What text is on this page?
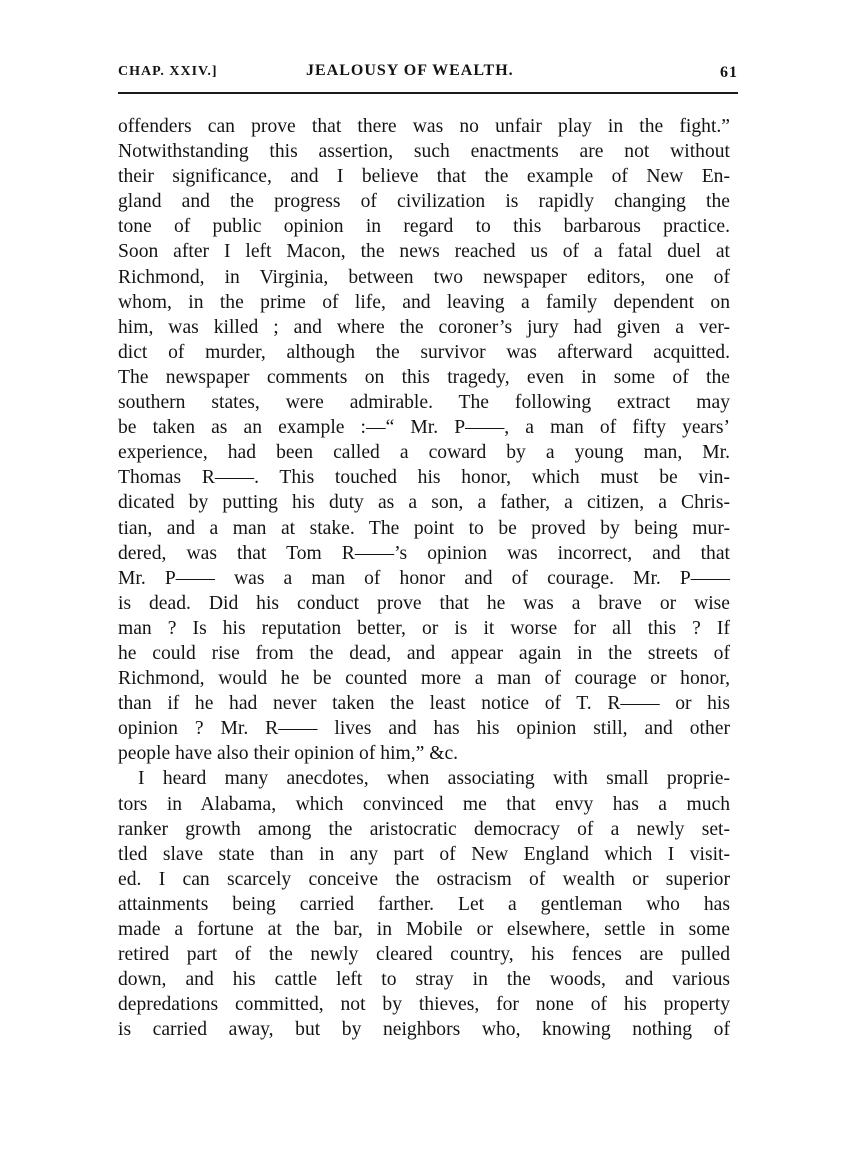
CHAP. XXIV.]	JEALOUSY OF WEALTH.	61
offenders can prove that there was no unfair play in the fight.”
Notwithstanding this assertion, such enactments are not without
their significance, and I believe that the example of New En-
gland and the progress of civilization is rapidly changing the
tone of public opinion in regard to this barbarous practice.
Soon after I left Macon, the news reached us of a fatal duel at
Richmond, in Virginia, between two newspaper editors, one of
whom, in the prime of life, and leaving a family dependent on
him, was killed ; and where the coroner’s jury had given a ver-
dict of murder, although the survivor was afterward acquitted.
The newspaper comments on this tragedy, even in some of the
southern states, were admirable. The following extract may
be taken as an example :—“ Mr. P——, a man of fifty years’
experience, had been called a coward by a young man, Mr.
Thomas R——. This touched his honor, which must be vin-
dicated by putting his duty as a son, a father, a citizen, a Chris-
tian, and a man at stake. The point to be proved by being mur-
dered, was that Tom R——’s opinion was incorrect, and that
Mr. P—— was a man of honor and of courage. Mr. P——
is dead. Did his conduct prove that he was a brave or wise
man ? Is his reputation better, or is it worse for all this ? If
he could rise from the dead, and appear again in the streets of
Richmond, would he be counted more a man of courage or honor,
than if he had never taken the least notice of T. R—— or his
opinion ? Mr. R—— lives and has his opinion still, and other
people have also their opinion of him,” &c.
I heard many anecdotes, when associating with small proprie-
tors in Alabama, which convinced me that envy has a much
ranker growth among the aristocratic democracy of a newly set-
tled slave state than in any part of New England which I visit-
ed. I can scarcely conceive the ostracism of wealth or superior
attainments being carried farther. Let a gentleman who has
made a fortune at the bar, in Mobile or elsewhere, settle in some
retired part of the newly cleared country, his fences are pulled
down, and his cattle left to stray in the woods, and various
depredations committed, not by thieves, for none of his property
is carried away, but by neighbors who, knowing nothing of
